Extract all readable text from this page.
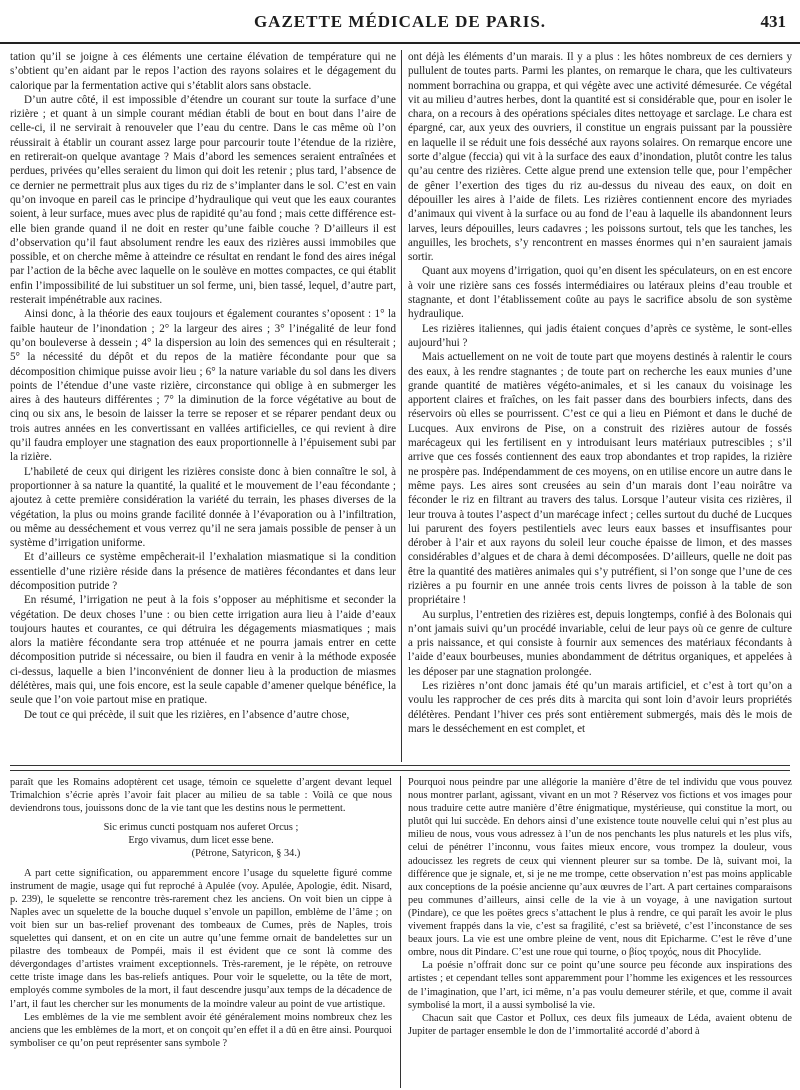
GAZETTE MÉDICALE DE PARIS.	431

tation qu’il se joigne à ces éléments une certaine élévation de température qui ne s’obtient qu’en aidant par le repos l’action des rayons solaires et le dégagement du calorique par la fermentation active qui s’établit alors sans obstacle.

D’un autre côté, il est impossible d’étendre un courant sur toute la surface d’une rizière ; et quant à un simple courant médian établi de bout en bout dans l’aire de celle-ci, il ne servirait à renouveler que l’eau du centre. Dans le cas même où l’on réussirait à établir un courant assez large pour parcourir toute l’étendue de la rizière, en retirerait-on quelque avantage ? Mais d’abord les semences seraient entraînées et perdues, privées qu’elles seraient du limon qui doit les retenir ; plus tard, l’absence de ce dernier ne permettrait plus aux tiges du riz de s’implanter dans le sol. C’est en vain qu’on invoque en pareil cas le principe d’hydraulique qui veut que les eaux courantes soient, à leur surface, mues avec plus de rapidité qu’au fond ; mais cette différence est-elle bien grande quand il ne doit en rester qu’une faible couche ? D’ailleurs il est d’observation qu’il faut absolument rendre les eaux des rizières aussi immobiles que possible, et on cherche même à atteindre ce résultat en rendant le fond des aires inégal par l’action de la bêche avec laquelle on le soulève en mottes compactes, ce qui établit enfin l’impossibilité de lui substituer un sol ferme, uni, bien tassé, lequel, d’autre part, resterait impénétrable aux racines.

Ainsi donc, à la théorie des eaux toujours et également courantes s’oposent : 1° la faible hauteur de l’inondation ; 2° la largeur des aires ; 3° l’inégalité de leur fond qu’on bouleverse à dessein ; 4° la dispersion au loin des semences qui en résulterait ; 5° la nécessité du dépôt et du repos de la matière fécondante pour que sa décomposition chimique puisse avoir lieu ; 6° la nature variable du sol dans les divers points de l’étendue d’une vaste rizière, circonstance qui oblige à en submerger les aires à des hauteurs différentes ; 7° la diminution de la force végétative au bout de cinq ou six ans, le besoin de laisser la terre se reposer et se réparer pendant deux ou trois autres années en les convertissant en vallées artificielles, ce qui revient à dire qu’il faudra employer une stagnation des eaux proportionnelle à l’épuisement subi par la rizière.

L’habileté de ceux qui dirigent les rizières consiste donc à bien connaître le sol, à proportionner à sa nature la quantité, la qualité et le mouvement de l’eau fécondante ; ajoutez à cette première considération la variété du terrain, les phases diverses de la végétation, la plus ou moins grande facilité donnée à l’évaporation ou à l’infiltration, ou même au desséchement et vous verrez qu’il ne sera jamais possible de penser à un système d’irrigation uniforme.

Et d’ailleurs ce système empêcherait-il l’exhalation miasmatique si la condition essentielle d’une rizière réside dans la présence de matières fécondantes et dans leur décomposition putride ?

En résumé, l’irrigation ne peut à la fois s’opposer au méphitisme et seconder la végétation. De deux choses l’une : ou bien cette irrigation aura lieu à l’aide d’eaux toujours hautes et courantes, ce qui détruira les dégagements miasmatiques ; mais alors la matière fécondante sera trop atténuée et ne pourra jamais entrer en cette décomposition putride si nécessaire, ou bien il faudra en venir à la méthode exposée ci-dessus, laquelle a bien l’inconvénient de donner lieu à la production de miasmes délétères, mais qui, une fois encore, est la seule capable d’amener quelque bénéfice, la seule que l’on voie partout mise en pratique.

De tout ce qui précède, il suit que les rizières, en l’absence d’autre chose,

ont déjà les éléments d’un marais. Il y a plus : les hôtes nombreux de ces derniers y pullulent de toutes parts. Parmi les plantes, on remarque le chara, que les cultivateurs nomment borrachina ou grappa, et qui végète avec une activité démesurée. Ce végétal vit au milieu d’autres herbes, dont la quantité est si considérable que, pour en isoler le chara, on a recours à des opérations spéciales dites nettoyage et sarclage. Le chara est épargné, car, aux yeux des ouvriers, il constitue un engrais puissant par la poussière en laquelle il se réduit une fois desséché aux rayons solaires. On remarque encore une sorte d’algue (feccia) qui vit à la surface des eaux d’inondation, plutôt contre les talus qu’au centre des rizières. Cette algue prend une extension telle que, pour l’empêcher de gêner l’exertion des tiges du riz au-dessus du niveau des eaux, on doit en dépouiller les aires à l’aide de filets. Les rizières contiennent encore des myriades d’animaux qui vivent à la surface ou au fond de l’eau à laquelle ils abandonnent leurs larves, leurs dépouilles, leurs cadavres ; les poissons surtout, tels que les tanches, les anguilles, les brochets, s’y rencontrent en masses énormes qui n’en sauraient jamais sortir.

Quant aux moyens d’irrigation, quoi qu’en disent les spéculateurs, on en est encore à voir une rizière sans ces fossés intermédiaires ou latéraux pleins d’eau trouble et stagnante, et dont l’établissement coûte au pays le sacrifice absolu de son système hydraulique.

Les rizières italiennes, qui jadis étaient conçues d’après ce système, le sont-elles aujourd’hui ?

Mais actuellement on ne voit de toute part que moyens destinés à ralentir le cours des eaux, à les rendre stagnantes ; de toute part on recherche les eaux munies d’une grande quantité de matières végéto-animales, et si les canaux du voisinage les apportent claires et fraîches, on les fait passer dans des bourbiers infects, dans des réservoirs où elles se pourrissent. C’est ce qui a lieu en Piémont et dans le duché de Lucques. Aux environs de Pise, on a construit des rizières autour de fossés marécageux qui les fertilisent en y introduisant leurs matériaux putrescibles ; s’il arrive que ces fossés contiennent des eaux trop abondantes et trop rapides, la rizière ne prospère pas. Indépendamment de ces moyens, on en utilise encore un autre dans le même pays. Les aires sont creusées au sein d’un marais dont l’eau noirâtre va féconder le riz en filtrant au travers des talus. Lorsque l’auteur visita ces rizières, il leur trouva à toutes l’aspect d’un marécage infect ; celles surtout du duché de Lucques lui parurent des foyers pestilentiels avec leurs eaux basses et insuffisantes pour dérober à l’air et aux rayons du soleil leur couche épaisse de limon, et des masses considérables d’algues et de chara à demi décomposées. D’ailleurs, quelle ne doit pas être la quantité des matières animales qui s’y putréfient, si l’on songe que l’une de ces rizières a pu fournir en une année trois cents livres de poisson à la table de son propriétaire !

Au surplus, l’entretien des rizières est, depuis longtemps, confié à des Bolonais qui n’ont jamais suivi qu’un procédé invariable, celui de leur pays où ce genre de culture a pris naissance, et qui consiste à fournir aux semences des matériaux fécondants à l’aide d’eaux bourbeuses, munies abondamment de détritus organiques, et appelées à les déposer par une stagnation prolongée.

Les rizières n’ont donc jamais été qu’un marais artificiel, et c’est à tort qu’on a voulu les rapprocher de ces prés dits à marcita qui sont loin d’avoir leurs propriétés délétères. Pendant l’hiver ces prés sont entièrement submergés, mais dès le mois de mars le desséchement en est complet, et

paraît que les Romains adoptèrent cet usage, témoin ce squelette d’argent devant lequel Trimalchion s’écrie après l’avoir fait placer au milieu de sa table : Voilà ce que nous deviendrons tous, jouissons donc de la vie tant que les destins nous le permettent.

Sic erimus cuncti postquam nos auferet Orcus ;
Ergo vivamus, dum licet esse bene.
(Pétrone, Satyricon, § 34.)

A part cette signification, ou apparemment encore l’usage du squelette figuré comme instrument de magie, usage qui fut reproché à Apulée (voy. Apulée, Apologie, édit. Nisard, p. 239), le squelette se rencontre très-rarement chez les anciens. On voit bien un cippe à Naples avec un squelette de la bouche duquel s’envole un papillon, emblème de l’âme ; on voit bien sur un bas-relief provenant des tombeaux de Cumes, près de Naples, trois squelettes qui dansent, et on en cite un autre qu’une femme ornait de bandelettes sur un pilastre des tombeaux de Pompéi, mais il est évident que ce sont là comme des dévergondages d’artistes vraiment exceptionnels. Très-rarement, je le répète, on retrouve cette triste image dans les bas-reliefs antiques. Pour voir le squelette, ou la tête de mort, employés comme symboles de la mort, il faut descendre jusqu’aux temps de la décadence de l’art, il faut les chercher sur les monuments de la moindre valeur au point de vue artistique.

Les emblèmes de la vie me semblent avoir été généralement moins nombreux chez les anciens que les emblèmes de la mort, et on conçoit qu’en effet il a dû en être ainsi. Pourquoi symboliser ce qu’on peut représenter sans symbole ?

Pourquoi nous peindre par une allégorie la manière d’être de tel individu que vous pouvez nous montrer parlant, agissant, vivant en un mot ? Réservez vos fictions et vos images pour nous traduire cette autre manière d’être énigmatique, mystérieuse, qui constitue la mort, ou plutôt qui lui succède. En dehors ainsi d’une existence toute nouvelle celui qui n’est plus au milieu de nous, vous vous adressez à l’un de nos penchants les plus naturels et les plus vifs, celui de pénétrer l’inconnu, vous faites mieux encore, vous trompez la douleur, vous adoucissez les regrets de ceux qui viennent pleurer sur sa tombe. De là, suivant moi, la différence que je signale, et, si je ne me trompe, cette observation n’est pas moins applicable aux conceptions de la poésie ancienne qu’aux œuvres de l’art. A part certaines comparaisons peu communes d’ailleurs, ainsi celle de la vie à un voyage, à une navigation surtout (Pindare), ce que les poëtes grecs s’attachent le plus à rendre, ce qui paraît les avoir le plus vivement frappés dans la vie, c’est sa fragilité, c’est sa brièveté, c’est l’inconstance de ses beaux jours. La vie est une ombre pleine de vent, nous dit Epicharme. C’est le rêve d’une ombre, nous dit Pindare. C’est une roue qui tourne, ο βίος τροχός, nous dit Phocylide.

La poésie n’offrait donc sur ce point qu’une source peu féconde aux inspirations des artistes ; et cependant telles sont apparemment pour l’homme les exigences et les ressources de l’imagination, que l’art, ici même, n’a pas voulu demeurer stérile, et que, comme il avait symbolisé la mort, il a aussi symbolisé la vie.

Chacun sait que Castor et Pollux, ces deux fils jumeaux de Léda, avaient obtenu de Jupiter de partager ensemble le don de l’immortalité accordé d’abord à
